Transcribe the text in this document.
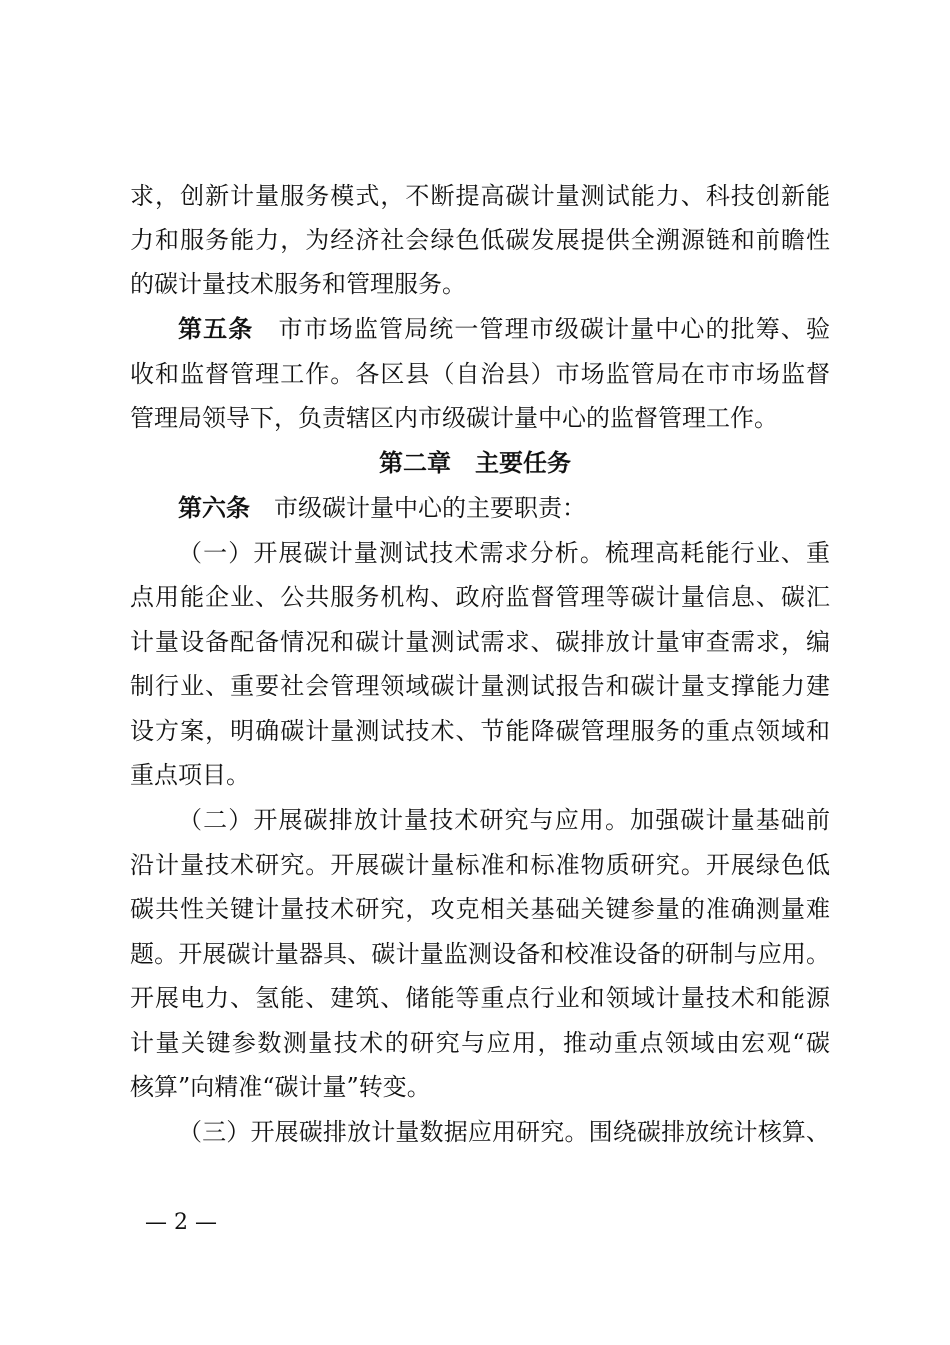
求，创新计量服务模式，不断提高碳计量测试能力、科技创新能
力和服务能力，为经济社会绿色低碳发展提供全溯源链和前瞻性
的碳计量技术服务和管理服务。
第五条 市市场监管局统一管理市级碳计量中心的批筹、验
收和监督管理工作。各区县（自治县）市场监管局在市市场监督
管理局领导下，负责辖区内市级碳计量中心的监督管理工作。
第二章　主要任务
第六条 市级碳计量中心的主要职责：
（一）开展碳计量测试技术需求分析。梳理高耗能行业、重
点用能企业、公共服务机构、政府监督管理等碳计量信息、碳汇
计量设备配备情况和碳计量测试需求、碳排放计量审查需求，编
制行业、重要社会管理领域碳计量测试报告和碳计量支撑能力建
设方案，明确碳计量测试技术、节能降碳管理服务的重点领域和
重点项目。
（二）开展碳排放计量技术研究与应用。加强碳计量基础前
沿计量技术研究。开展碳计量标准和标准物质研究。开展绿色低
碳共性关键计量技术研究，攻克相关基础关键参量的准确测量难
题。开展碳计量器具、碳计量监测设备和校准设备的研制与应用。
开展电力、氢能、建筑、储能等重点行业和领域计量技术和能源
计量关键参数测量技术的研究与应用，推动重点领域由宏观“碳
核算”向精准“碳计量”转变。
（三）开展碳排放计量数据应用研究。围绕碳排放统计核算、
— 2 —
